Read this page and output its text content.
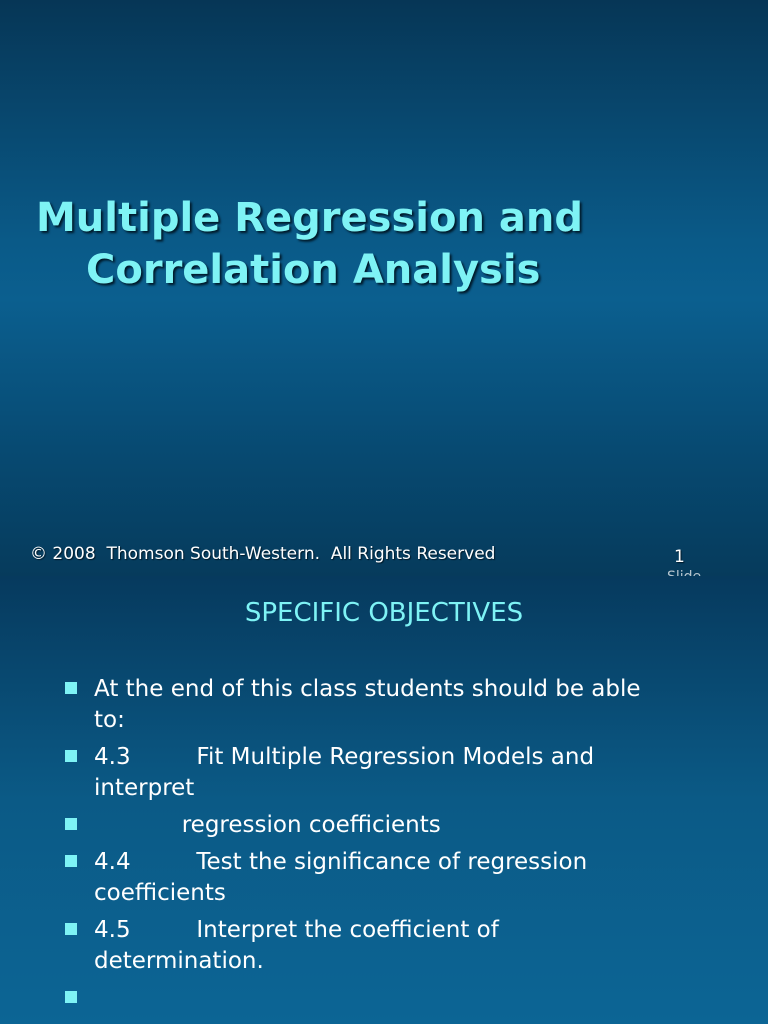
Multiple Regression and
Correlation Analysis
© 2008  Thomson South-Western.  All Rights Reserved	1
SPECIFIC OBJECTIVES
At the end of this class students should be able to:
4.3	Fit Multiple Regression Models and interpret
regression coefficients
4.4	Test the significance of regression coefficients
4.5	Interpret the coefficient of determination.
